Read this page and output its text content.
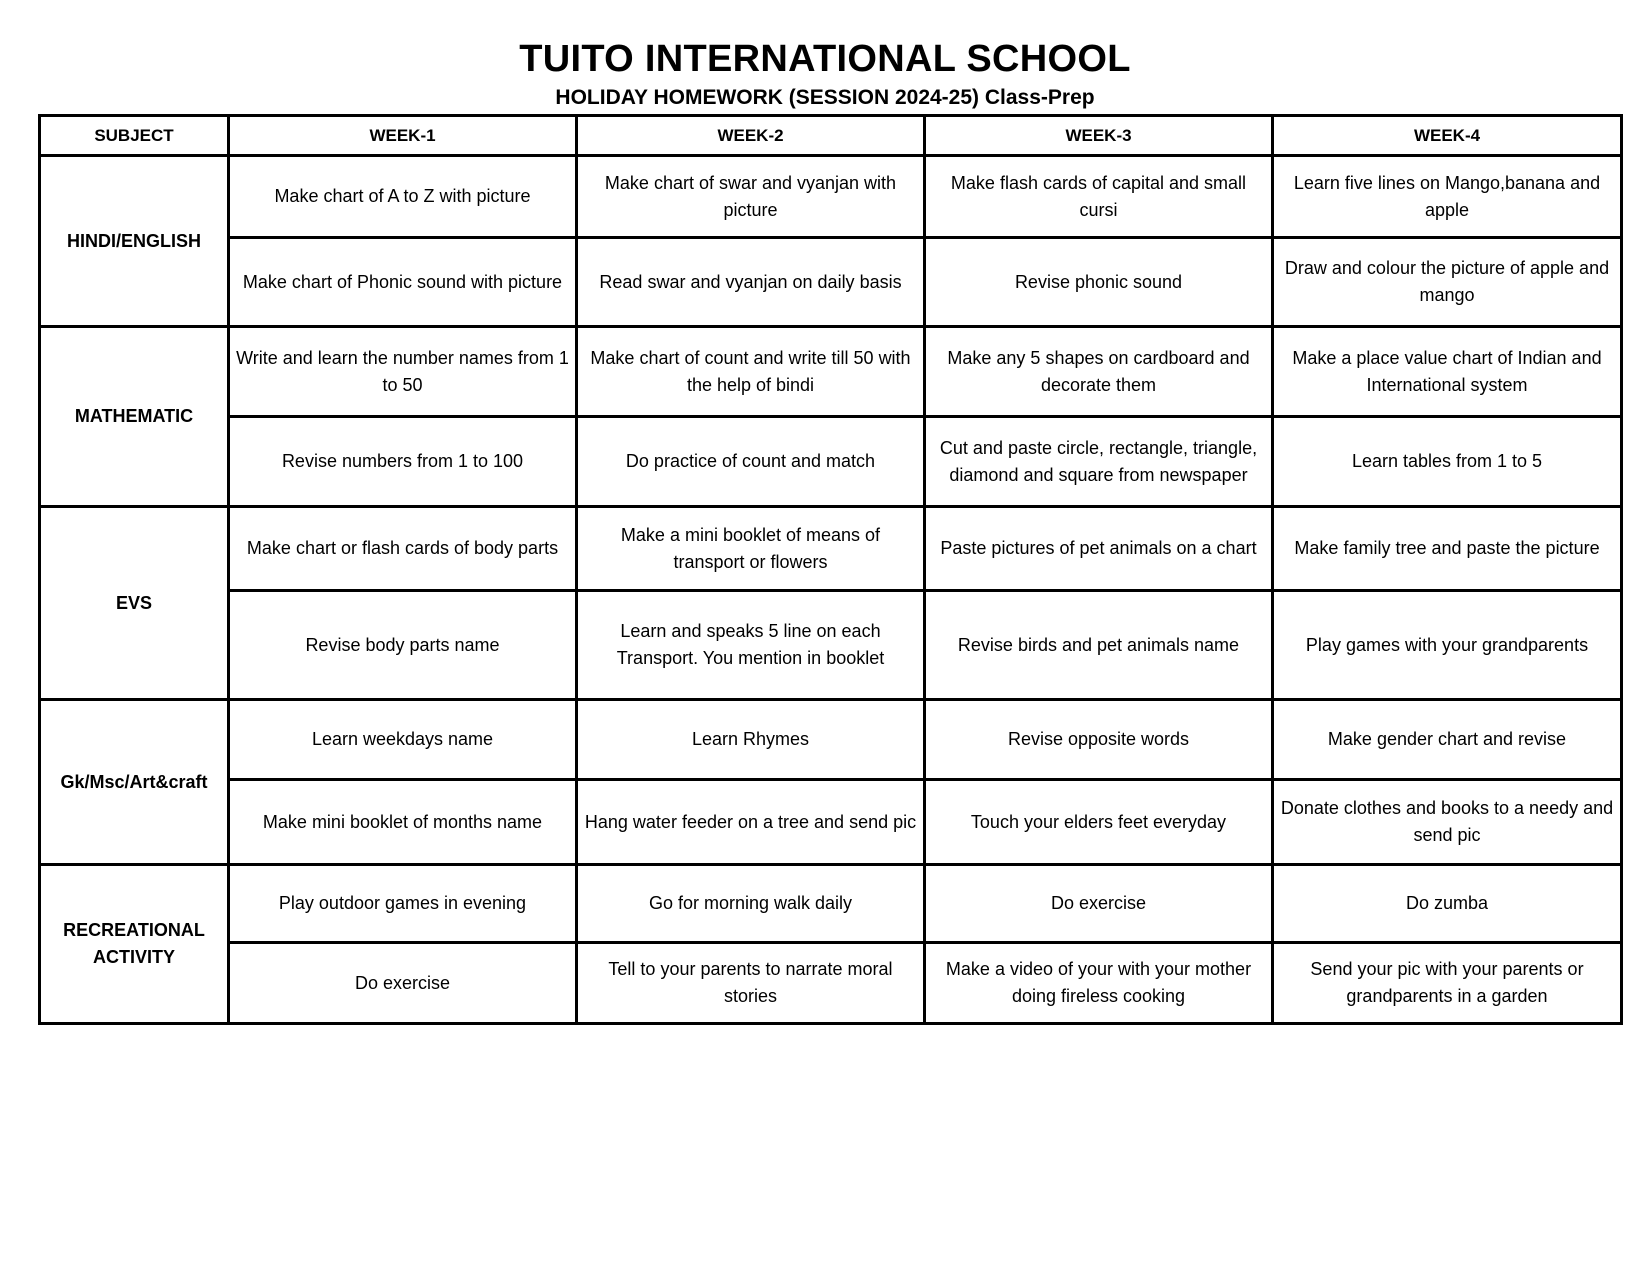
TUITO INTERNATIONAL SCHOOL
HOLIDAY HOMEWORK (SESSION 2024-25) Class-Prep
SUBJECT	WEEK-1	WEEK-2	WEEK-3	WEEK-4
HINDI/ENGLISH	Make chart of A to Z with picture	Make chart of swar and vyanjan with picture	Make flash cards of capital and small cursi	Learn five lines on Mango,banana and apple
	Make chart of Phonic sound with picture	Read swar and vyanjan on daily basis	Revise phonic sound	Draw and colour the picture of apple and mango
MATHEMATIC	Write and learn the number names from 1 to 50	Make chart of count and write till 50 with the help of bindi	Make any 5 shapes on cardboard and decorate them	Make a place value chart of Indian and International system
	Revise numbers from 1 to 100	Do practice of count and match	Cut and paste circle, rectangle, triangle, diamond and square from newspaper	Learn tables from 1 to 5
EVS	Make chart or flash cards of body parts	Make a mini booklet of means of transport or flowers	Paste pictures of pet animals on a chart	Make family tree and paste the picture
	Revise body parts name	Learn and speaks 5 line on each Transport. You mention in booklet	Revise birds and pet animals name	Play games with your grandparents
Gk/Msc/Art&craft	Learn weekdays name	Learn Rhymes	Revise opposite words	Make gender chart and revise
	Make mini booklet of months name	Hang water feeder on a tree and send pic	Touch your elders feet everyday	Donate clothes and books to a needy and send pic
RECREATIONAL ACTIVITY	Play outdoor games in evening	Go for morning walk daily	Do exercise	Do zumba
	Do exercise	Tell to your parents to narrate moral stories	Make a video of your with your mother doing fireless cooking	Send your pic with your parents or grandparents in a garden
